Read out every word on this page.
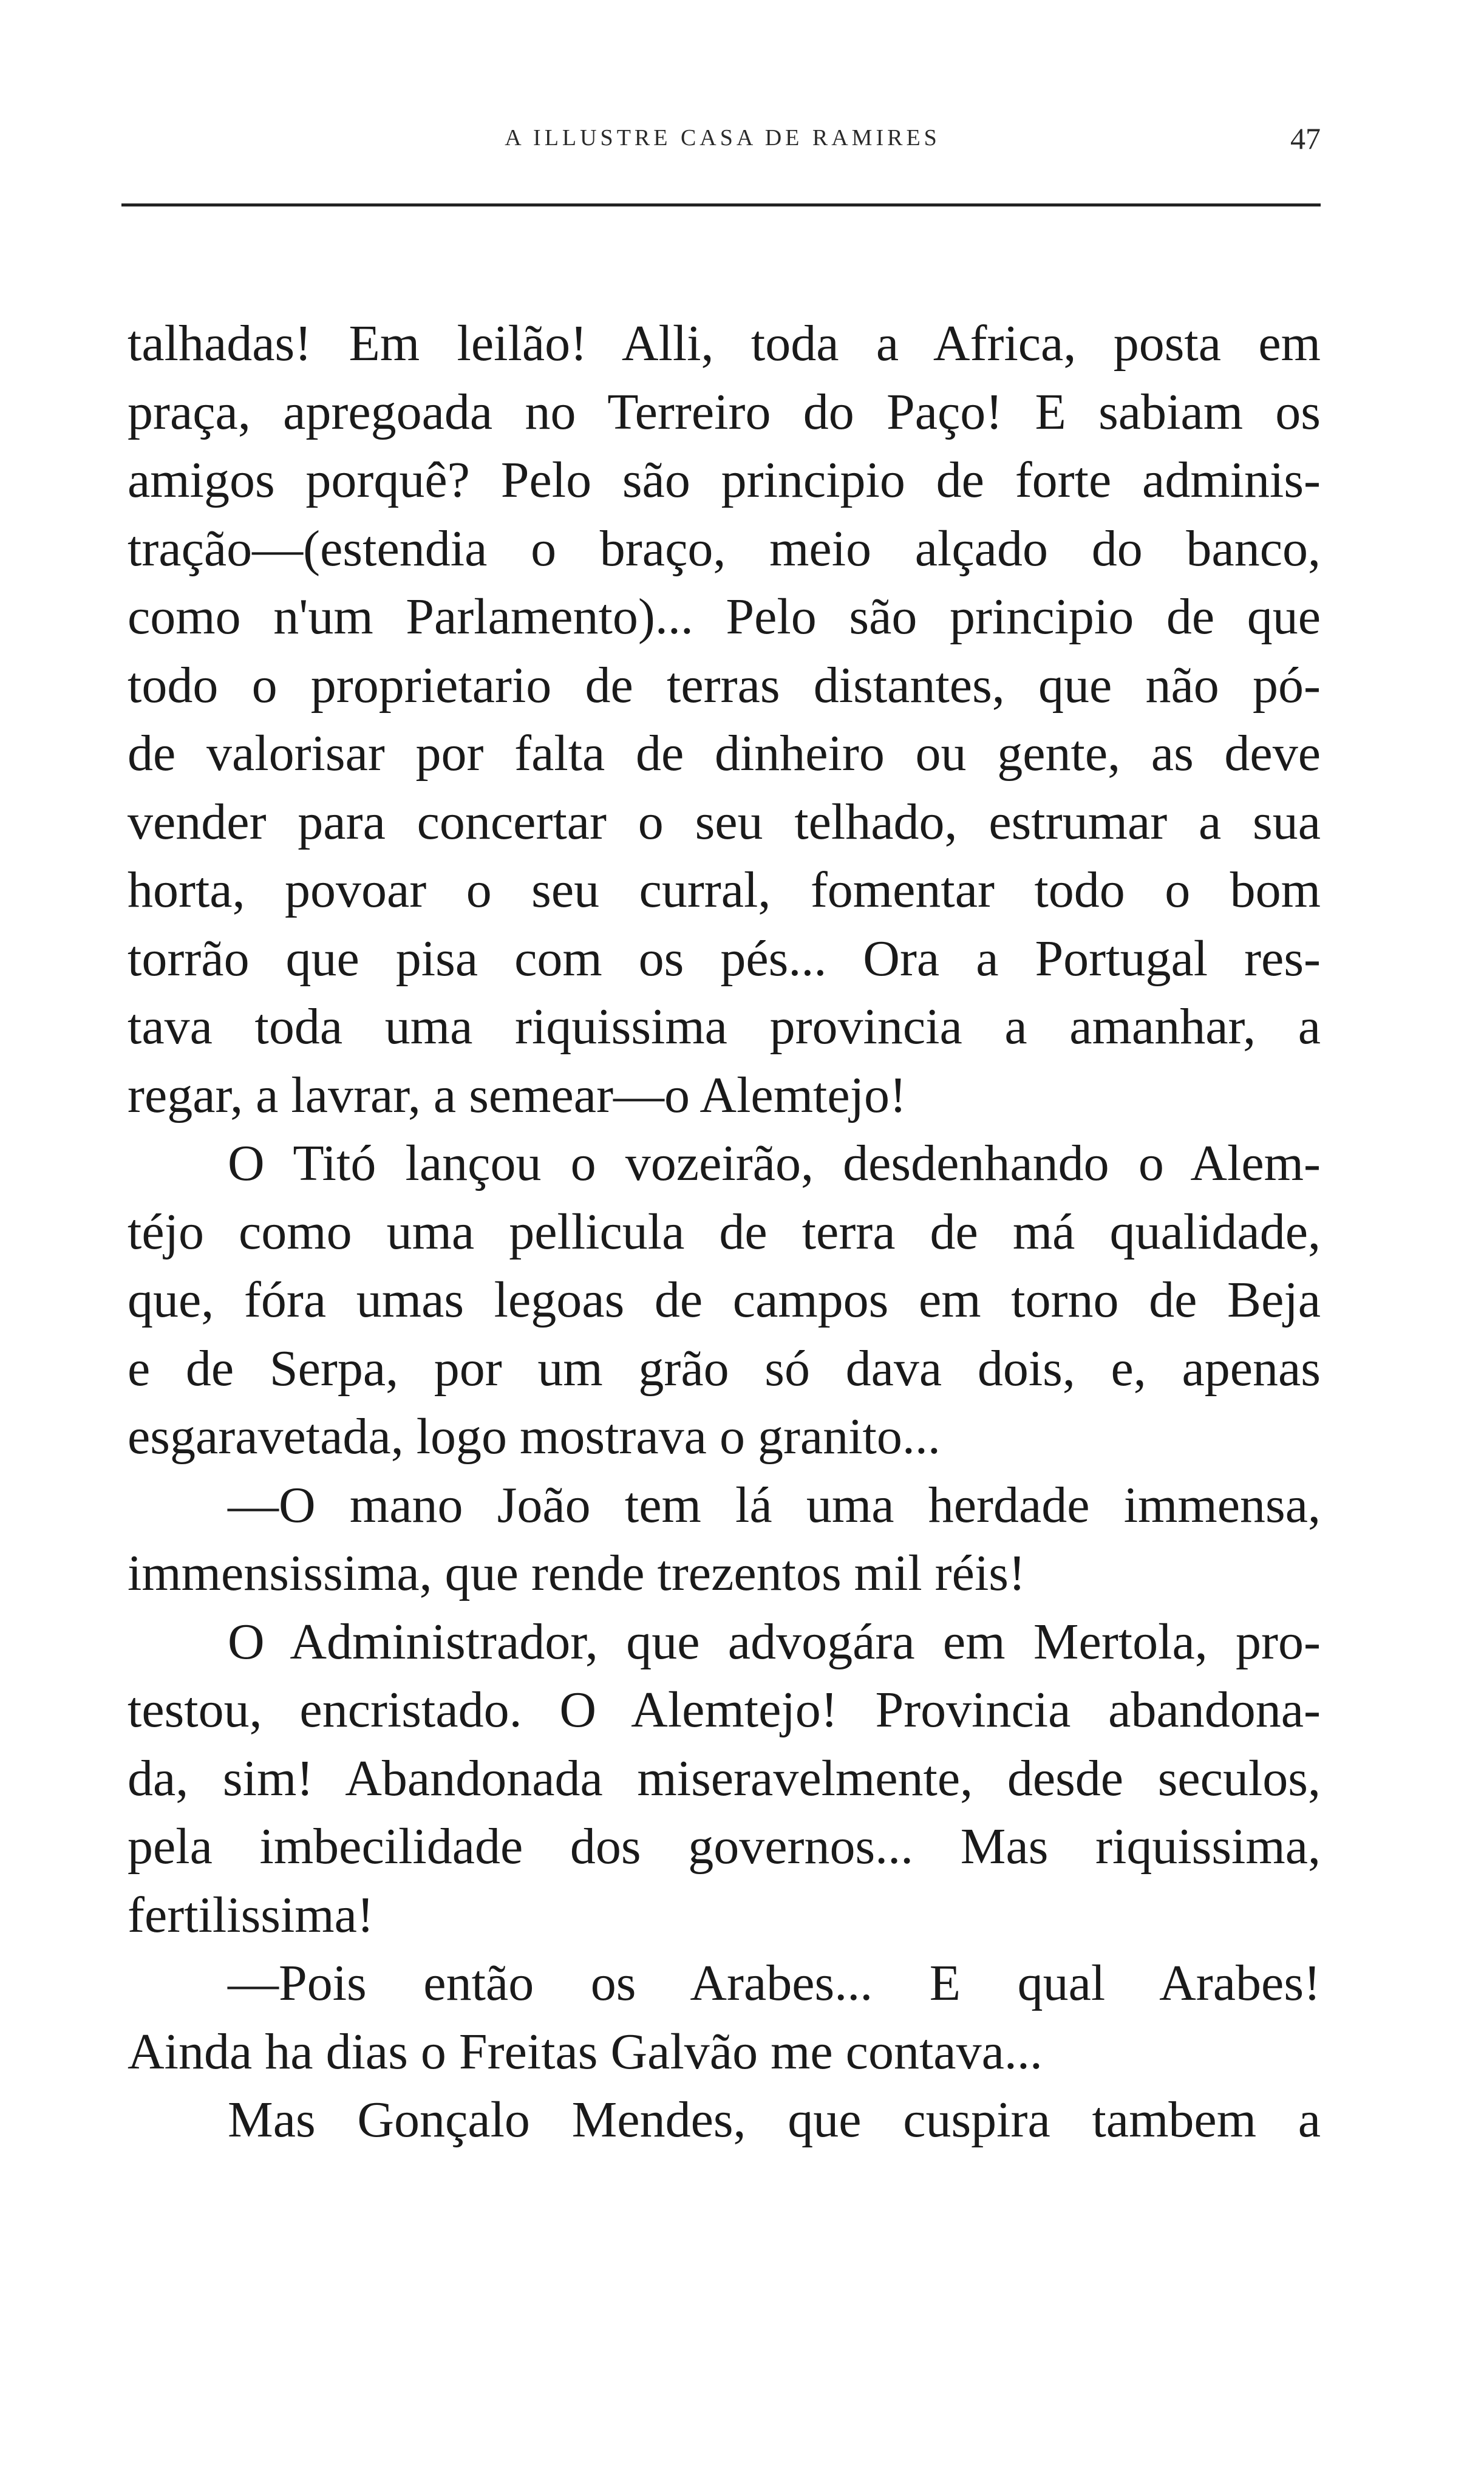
A ILLUSTRE CASA DE RAMIRES	47
talhadas! Em leilão! Alli, toda a Africa, posta em
praça, apregoada no Terreiro do Paço! E sabiam os
amigos porquê? Pelo são principio de forte adminis-
tração—(estendia o braço, meio alçado do banco,
como n'um Parlamento)... Pelo são principio de que
todo o proprietario de terras distantes, que não pó-
de valorisar por falta de dinheiro ou gente, as deve
vender para concertar o seu telhado, estrumar a sua
horta, povoar o seu curral, fomentar todo o bom
torrão que pisa com os pés... Ora a Portugal res-
tava toda uma riquissima provincia a amanhar, a
regar, a lavrar, a semear—o Alemtejo!
O Titó lançou o vozeirão, desdenhando o Alem-
téjo como uma pellicula de terra de má qualidade,
que, fóra umas legoas de campos em torno de Beja
e de Serpa, por um grão só dava dois, e, apenas
esgaravetada, logo mostrava o granito...
—O mano João tem lá uma herdade immensa,
immensissima, que rende trezentos mil réis!
O Administrador, que advogára em Mertola, pro-
testou, encristado. O Alemtejo! Provincia abandona-
da, sim! Abandonada miseravelmente, desde seculos,
pela imbecilidade dos governos... Mas riquissima,
fertilissima!
—Pois então os Arabes... E qual Arabes!
Ainda ha dias o Freitas Galvão me contava...
Mas Gonçalo Mendes, que cuspira tambem a
